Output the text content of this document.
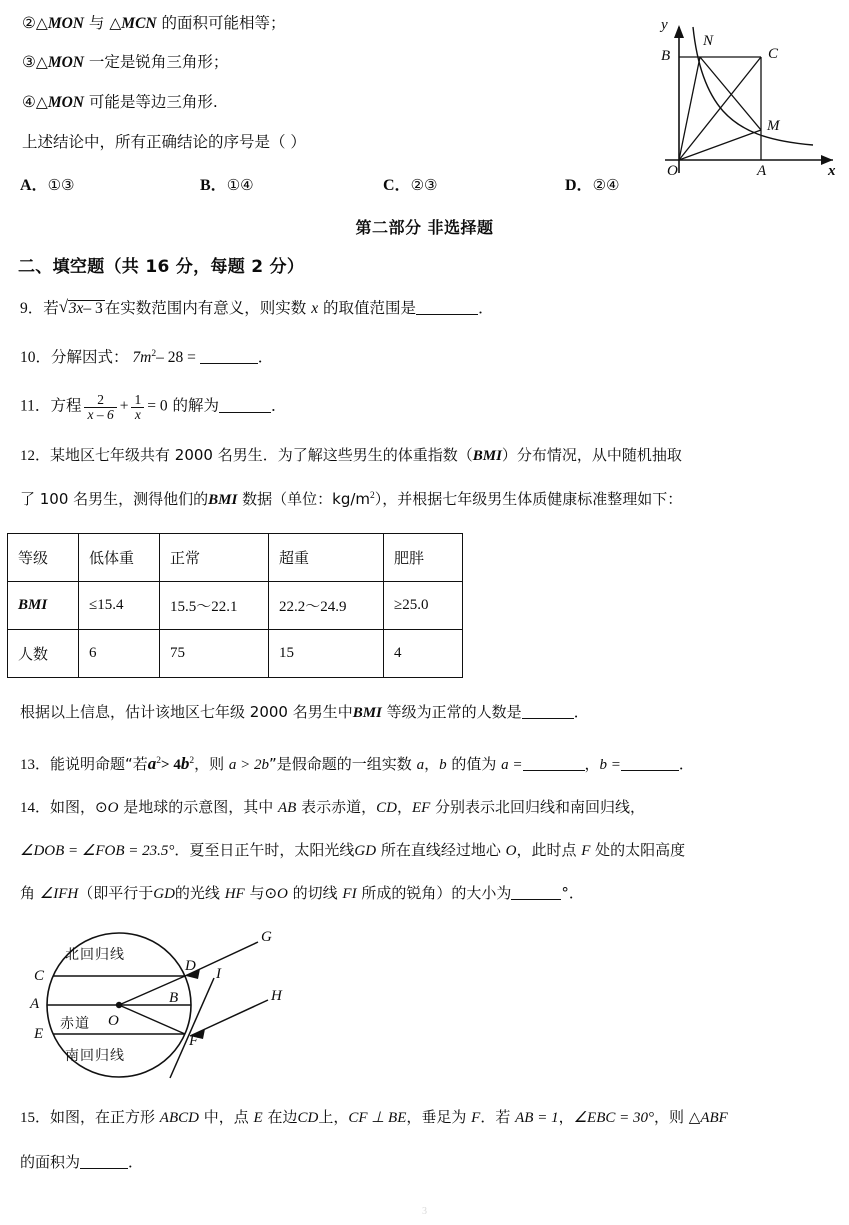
②△MON 与 △MCN 的面积可能相等；
③△MON 一定是锐角三角形；
④△MON 可能是等边三角形.
上述结论中，所有正确结论的序号是（ ）
A．①③	B．①④	C．②③	D．②④
y
x
B
N
C
M
O	A
第二部分 非选择题
二、填空题（共 16 分，每题 2 分）
9．若 √ 3x– 3 在实数范围内有意义，则实数 x 的取值范围是	．
10．分解因式： $7m^2-$ 28 =	．
11．方程 $\frac{2}{x - 6} + \frac{1}{x} = 0$ 的解为	．
12．某地区七年级共有 2000 名男生．为了解这些男生的体重指数（BMI）分布情况，从中随机抽取
了 100 名男生，测得他们的BMI 数据（单位：$kg/m^2$），并根据七年级男生体质健康标准整理如下：
等级	低体重	正常	超重	肥胖
BMI	≤15.4	15.5～22.1	22.2～24.9	≥25.0
人数	6	75	15	4
根据以上信息，估计该地区七年级 2000 名男生中BMI 等级为正常的人数是	．
13．能说明命题“若$a^2> 4b^2$，则 a > 2b”是假命题的一组实数 a，b 的值为 a =	，b =	．
14．如图，⊙O 是地球的示意图，其中 AB 表示赤道，CD，EF 分别表示北回归线和南回归线，
∠DOB = ∠FOB = 23.5°．夏至日正午时，太阳光线GD 所在直线经过地心 O，此时点 F 处的太阳高度
角 ∠IFH（即平行于GD的光线 HF 与⊙O 的切线 FI 所成的锐角）的大小为	°．
C
A
E
D
B
F
G
H
I
O
北回归线
赤道
南回归线
15．如图，在正方形 ABCD 中，点 E 在边CD上，CF ⊥ BE，垂足为 F．若 AB = 1，∠EBC = 30°，则 △ABF
的面积为	．
3
